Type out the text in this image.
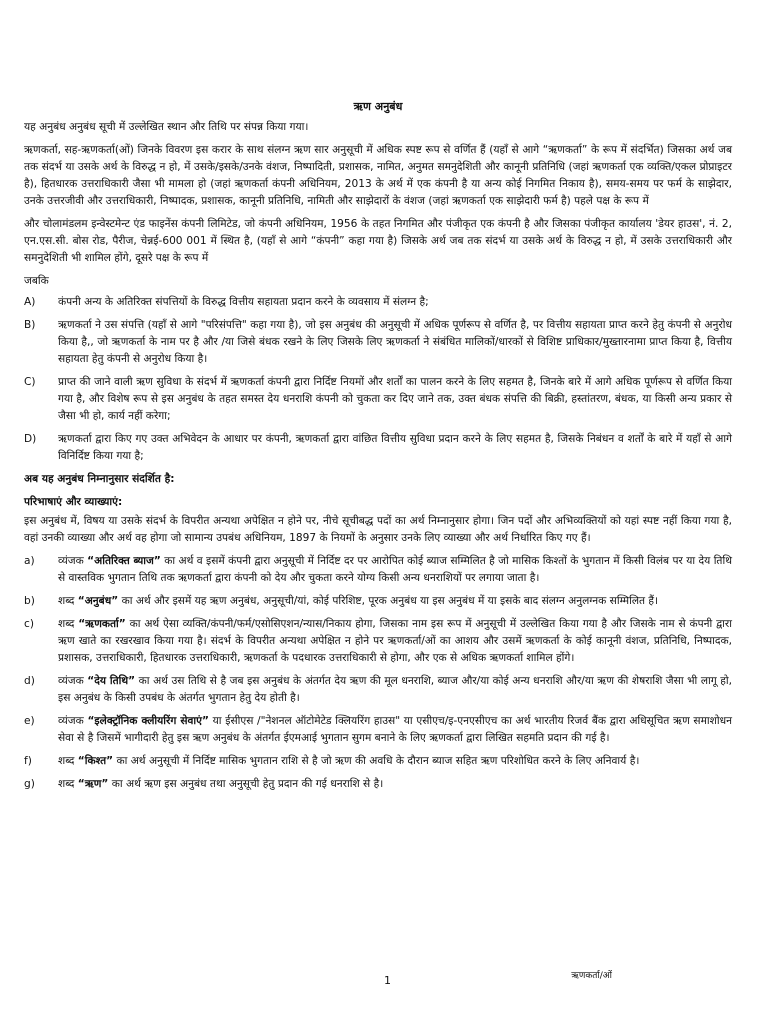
ऋण अनुबंध

यह अनुबंध अनुबंध सूची में उल्लेखित स्थान और तिथि पर संपन्न किया गया।

ऋणकर्ता, सह-ऋणकर्ता(ओं) जिनके विवरण इस करार के साथ संलग्न ऋण सार अनुसूची में अधिक स्पष्ट रूप से वर्णित हैं (यहाँ से आगे “ऋणकर्ता” के रूप में संदर्भित) जिसका अर्थ जब तक संदर्भ या उसके अर्थ के विरुद्ध न हो, में उसके/इसके/उनके वंशज, निष्पादिती, प्रशासक, नामित, अनुमत समनुदेशिती और कानूनी प्रतिनिधि (जहां ऋणकर्ता एक व्यक्ति/एकल प्रोप्राइटर है), हितधारक उत्तराधिकारी जैसा भी मामला हो (जहां ऋणकर्ता कंपनी अधिनियम, 2013 के अर्थ में एक कंपनी है या अन्य कोई निगमित निकाय है), समय-समय पर फर्म के साझेदार, उनके उत्तरजीवी और उत्तराधिकारी, निष्पादक, प्रशासक, कानूनी प्रतिनिधि, नामिती और साझेदारों के वंशज (जहां ऋणकर्ता एक साझेदारी फर्म है) पहले पक्ष के रूप में

और चोलामंडलम इन्वेस्टमेन्ट एंड फाइनेंस कंपनी लिमिटेड, जो कंपनी अधिनियम, 1956 के तहत निगमित और पंजीकृत एक कंपनी है और जिसका पंजीकृत कार्यालय 'डेयर हाउस', नं. 2, एन.एस.सी. बोस रोड, पैरीज, चेन्नई-600 001 में स्थित है, (यहाँ से आगे “कंपनी” कहा गया है) जिसके अर्थ जब तक संदर्भ या उसके अर्थ के विरुद्ध न हो, में उसके उत्तराधिकारी और समनुदेशिती भी शामिल होंगे, दूसरे पक्ष के रूप में

जबकि

A)	कंपनी अन्य के अतिरिक्त संपत्तियों के विरुद्ध वित्तीय सहायता प्रदान करने के व्यवसाय में संलग्न है;
B)	ऋणकर्ता ने उस संपत्ति (यहाँ से आगे "परिसंपत्ति" कहा गया है), जो इस अनुबंध की अनुसूची में अधिक पूर्णरूप से वर्णित है, पर वित्तीय सहायता प्राप्त करने हेतु कंपनी से अनुरोध किया है,, जो ऋणकर्ता के नाम पर है और /या जिसे बंधक रखने के लिए जिसके लिए ऋणकर्ता ने संबंधित मालिकों/धारकों से विशिष्ट प्राधिकार/मुख्तारनामा प्राप्त किया है, वित्तीय सहायता हेतु कंपनी से अनुरोध किया है।
C)	प्राप्त की जाने वाली ऋण सुविधा के संदर्भ में ऋणकर्ता कंपनी द्वारा निर्दिष्ट नियमों और शर्तों का पालन करने के लिए सहमत है, जिनके बारे में आगे अधिक पूर्णरूप से वर्णित किया गया है, और विशेष रूप से इस अनुबंध के तहत समस्त देय धनराशि कंपनी को चुकता कर दिए जाने तक, उक्त बंधक संपत्ति की बिक्री, हस्तांतरण, बंधक, या किसी अन्य प्रकार से जैसा भी हो, कार्य नहीं करेगा;
D)	ऋणकर्ता द्वारा किए गए उक्त अभिवेदन के आधार पर कंपनी, ऋणकर्ता द्वारा वांछित वित्तीय सुविधा प्रदान करने के लिए सहमत है, जिसके निबंधन व शर्तों के बारे में यहाँ से आगे विनिर्दिष्ट किया गया है;
अब यह अनुबंध निम्नानुसार संदर्शित है:
परिभाषाएं और व्याख्याएं:

इस अनुबंध में, विषय या उसके संदर्भ के विपरीत अन्यथा अपेक्षित न होने पर, नीचे सूचीबद्ध पदों का अर्थ निम्नानुसार होगा। जिन पदों और अभिव्यक्तियों को यहां स्पष्ट नहीं किया गया है, वहां उनकी व्याख्या और अर्थ वह होगा जो सामान्य उपबंध अधिनियम, 1897 के नियमों के अनुसार उनके लिए व्याख्या और अर्थ निर्धारित किए गए हैं।

a)	व्यंजक “अतिरिक्त ब्याज” का अर्थ व इसमें कंपनी द्वारा अनुसूची में निर्दिष्ट दर पर आरोपित कोई ब्याज सम्मिलित है जो मासिक किश्तों के भुगतान में किसी विलंब पर या देय तिथि से वास्तविक भुगतान तिथि तक ऋणकर्ता द्वारा कंपनी को देय और चुकता करने योग्य किसी अन्य धनराशियों पर लगाया जाता है।
b)	शब्द “अनुबंध” का अर्थ और इसमें यह ऋण अनुबंध, अनुसूची/यां, कोई परिशिष्ट, पूरक अनुबंध या इस अनुबंध में या इसके बाद संलग्न अनुलग्नक सम्मिलित हैं।
c)	शब्द “ऋणकर्ता” का अर्थ ऐसा व्यक्ति/कंपनी/फर्म/एसोसिएशन/न्यास/निकाय होगा, जिसका नाम इस रूप में अनुसूची में उल्लेखित किया गया है और जिसके नाम से कंपनी द्वारा ऋण खाते का रखरखाव किया गया है। संदर्भ के विपरीत अन्यथा अपेक्षित न होने पर ऋणकर्ता/ओं का आशय और उसमें ऋणकर्ता के कोई कानूनी वंशज, प्रतिनिधि, निष्पादक, प्रशासक, उत्तराधिकारी, हितधारक उत्तराधिकारी, ऋणकर्ता के पदधारक उत्तराधिकारी से होगा, और एक से अधिक ऋणकर्ता शामिल होंगे।
d)	व्यंजक “देय तिथि” का अर्थ उस तिथि से है जब इस अनुबंध के अंतर्गत देय ऋण की मूल धनराशि, ब्याज और/या कोई अन्य धनराशि और/या ऋण की शेषराशि जैसा भी लागू हो, इस अनुबंध के किसी उपबंध के अंतर्गत भुगतान हेतु देय होती है।
e)	व्यंजक “इलेक्ट्रॉनिक क्लीयरिंग सेवाएं” या ईसीएस /"नेशनल ऑटोमेटेड क्लियरिंग हाउस" या एसीएच/इ-एनएसीएच का अर्थ भारतीय रिजर्व बैंक द्वारा अधिसूचित ऋण समाशोधन सेवा से है जिसमें भागीदारी हेतु इस ऋण अनुबंध के अंतर्गत ईएमआई भुगतान सुगम बनाने के लिए ऋणकर्ता द्वारा लिखित सहमति प्रदान की गई है।
f)	शब्द “किश्त” का अर्थ अनुसूची में निर्दिष्ट मासिक भुगतान राशि से है जो ऋण की अवधि के दौरान ब्याज सहित ऋण परिशोधित करने के लिए अनिवार्य है।
g)	शब्द “ऋण” का अर्थ ऋण इस अनुबंध तथा अनुसूची हेतु प्रदान की गई धनराशि से है।
1	ऋणकर्ता/ओं
